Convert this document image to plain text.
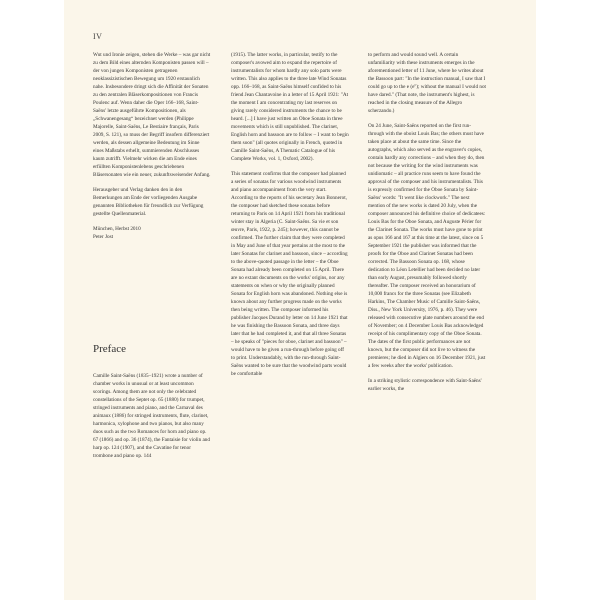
IV

Wut und Ironie zeigen, stehen die Werke – was gar nicht zu dem Bild eines alternden Komponisten passen will – der von jungen Komponisten getragenen neoklassizistischen Bewegung um 1920 erstaunlich nahe. Insbesondere dringt sich die Affinität der Sonaten zu den zentralen Bläserkompositionen von Francis Poulenc auf. Wenn daher die Oper 166–168, Saint-Saëns' letzte ausgeführte Kompositionen, als „Schwanengesang“ bezeichnet werden (Philippe Majorelle, Saint-Saëns, Le Bestiaire français, Paris 2009, S. 121), so muss der Begriff insofern differenziert werden, als dessen allgemeine Bedeutung im Sinne eines Maßstabs erhellt, summierenden Abschlusses kaum zutrifft. Vielmehr wirken die am Ende eines erfüllten Komponistenlebens geschriebenen Bläsersonaten wie ein neuer, zukunftsweisender Anfang.

Herausgeber und Verlag danken den in den Bemerkungen am Ende der vorliegenden Ausgabe genannten Bibliotheken für freundlich zur Verfügung gestellte Quellenmaterial.

München, Herbst 2010
Peter Jost

Preface

Camille Saint-Saëns (1835–1921) wrote a number of chamber works in unusual or at least uncommon scorings. Among them are not only the celebrated constellations of the Septet op. 65 (1880) for trumpet, stringed instruments and piano, and the Carnaval des animaux (1886) for stringed instruments, flute, clarinet, harmonica, xylophone and two pianos, but also many duos such as the two Romances for horn and piano op. 67 (1866) and op. 36 (1874), the Fantaisie for violin and harp op. 124 (1907), and the Cavatine for tenor trombone and piano op. 144

(1915). The latter works, in particular, testify to the composer's avowed aim to expand the repertoire of instrumentalists for whom hardly any solo parts were written. This also applies to the three late Wind Sonatas opp. 166–168, as Saint-Saëns himself confided to his friend Jean Chantavoine in a letter of 15 April 1921: "At the moment I am concentrating my last reserves on giving rarely considered instruments the chance to be heard. [...] I have just written an Oboe Sonata in three movements which is still unpublished. The clarinet, English horn and bassoon are to follow – I want to begin them soon" (all quotes originally in French, quoted in Camille Saint-Saëns, A Thematic Catalogue of his Complete Works, vol. 1, Oxford, 2002).

This statement confirms that the composer had planned a series of sonatas for various woodwind instruments and piano accompaniment from the very start. According to the reports of his secretary Jean Bonnerot, the composer had sketched these sonatas before returning to Paris on 14 April 1921 from his traditional winter stay in Algeria (C. Saint-Saëns. Sa vie et son œuvre, Paris, 1922, p. 245); however, this cannot be confirmed. The further claim that they were completed in May and June of that year pertains at the most to the later Sonatas for clarinet and bassoon, since – according to the above-quoted passage in the letter – the Oboe Sonata had already been completed on 15 April. There are no extant documents on the works' origins, nor any statements on when or why the originally planned Sonata for English horn was abandoned. Nothing else is known about any further progress made on the works then being written. The composer informed his publisher Jacques Durand by letter on 14 June 1921 that he was finishing the Bassoon Sonata, and three days later that he had completed it, and that all three Sonatas – he speaks of "pieces for oboe, clarinet and bassoon" – would have to be given a run-through before going off to print. Understandably, with the run-through Saint-Saëns wanted to be sure that the woodwind parts would be comfortable

to perform and would sound well. A certain unfamiliarity with these instruments emerges in the aforementioned letter of 11 June, where he writes about the Bassoon part: "In the instruction manual, I saw that I could go up to the e (e''); without the manual I would not have dared." (That note, the instrument's highest, is reached in the closing measure of the Allegro scherzando.)

On 24 June, Saint-Saëns reported on the first run-through with the oboist Louis Bas; the others must have taken place at about the same time. Since the autographs, which also served as the engraver's copies, contain hardly any corrections – and when they do, then not because the writing for the wind instruments was unidiomatic – all practice runs seem to have found the approval of the composer and his instrumentalists. This is expressly confirmed for the Oboe Sonata by Saint-Saëns' words: "It went like clockwork." The next mention of the new works is dated 20 July, when the composer announced his definitive choice of dedicatees: Louis Bas for the Oboe Sonata, and Auguste Périer for the Clarinet Sonata. The works must have gone to print as opus 166 and 167 at this time at the latest, since on 5 September 1921 the publisher was informed that the proofs for the Oboe and Clarinet Sonatas had been corrected. The Bassoon Sonata op. 168, whose dedication to Léon Letellier had been decided no later than early August, presumably followed shortly thereafter. The composer received an honorarium of 10,000 francs for the three Sonatas (see Elizabeth Harkins, The Chamber Music of Camille Saint-Saëns, Diss., New York University, 1976, p. 46). They were released with consecutive plate numbers around the end of November; on 4 December Louis Bas acknowledged receipt of his complimentary copy of the Oboe Sonata. The dates of the first public performances are not known, but the composer did not live to witness the premieres; he died in Algiers on 16 December 1921, just a few weeks after the works' publication.

In a striking stylistic correspondence with Saint-Saëns' earlier works, the
